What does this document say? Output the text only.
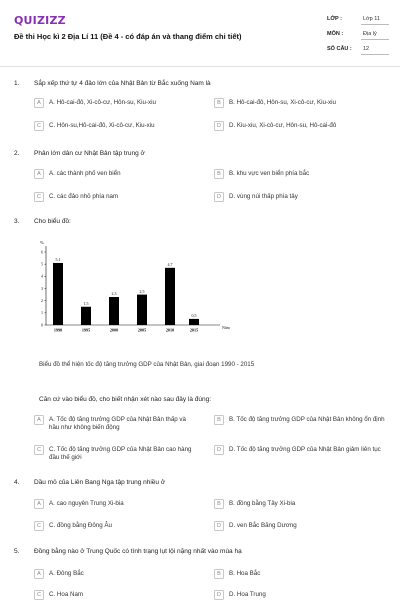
QUIZIZZ
Đề thi Học kì 2 Địa Lí 11 (Đề 4 - có đáp án và thang điểm chi tiết)
LỚP :	Lớp 11
MÔN :	Địa lý
SỐ CÂU : 12
1. Sắp xếp thứ tự 4 đảo lớn của Nhật Bản từ Bắc xuống Nam là
A	A. Hô-cai-đô, Xi-cô-cư, Hôn-su, Kiu-xiu	B	B. Hô-cai-đô, Hôn-su, Xi-cô-cư, Kiu-xiu
C	C. Hôn-su,Hô-cai-đô, Xi-cô-cư, Kiu-xiu	D	D. Kiu-xiu, Xi-cô-cư, Hôn-su, Hô-cai-đô
2. Phân lớn dân cư Nhật Bản tập trung ở
A	A. các thành phố ven biển	B	B. khu vực ven biển phía bắc
C	C. các đảo nhỏ phía nam	D	D. vùng núi thấp phía tây
3. Cho biểu đồ:
%
Năm
0
1
2
3
4
5
6
5,1
1990
1,5
1995
2,3
2000
2,5
2005
4,7
2010
0,5
2015
Biểu đồ thể hiện tốc độ tăng trưởng GDP của Nhật Bản, giai đoạn 1990 - 2015
Căn cứ vào biểu đồ, cho biết nhận xét nào sau đây là đúng:
A	A. Tốc độ tăng trưởng GDP của Nhật Bản thấp và hầu như không biến động
B	B. Tốc độ tăng trưởng GDP của Nhật Bản không ổn định
C	C. Tốc độ tăng trưởng GDP của Nhật Bản cao hàng đầu thế giới
D	D. Tốc độ tăng trưởng GDP của Nhật Bản giảm liên tục
4. Dầu mỏ của Liên Bang Nga tập trung nhiều ở
A	A. cao nguyên Trung Xi-bia	B	B. đồng bằng Tây Xi-bia
C	C. đồng bằng Đông Âu	D	D. ven Bắc Băng Dương
5. Đồng bằng nào ở Trung Quốc có tình trạng lụt lội nặng nhất vào mùa hạ
A	A. Đông Bắc	B	B. Hoa Bắc
C	C. Hoa Nam	D	D. Hoa Trung
